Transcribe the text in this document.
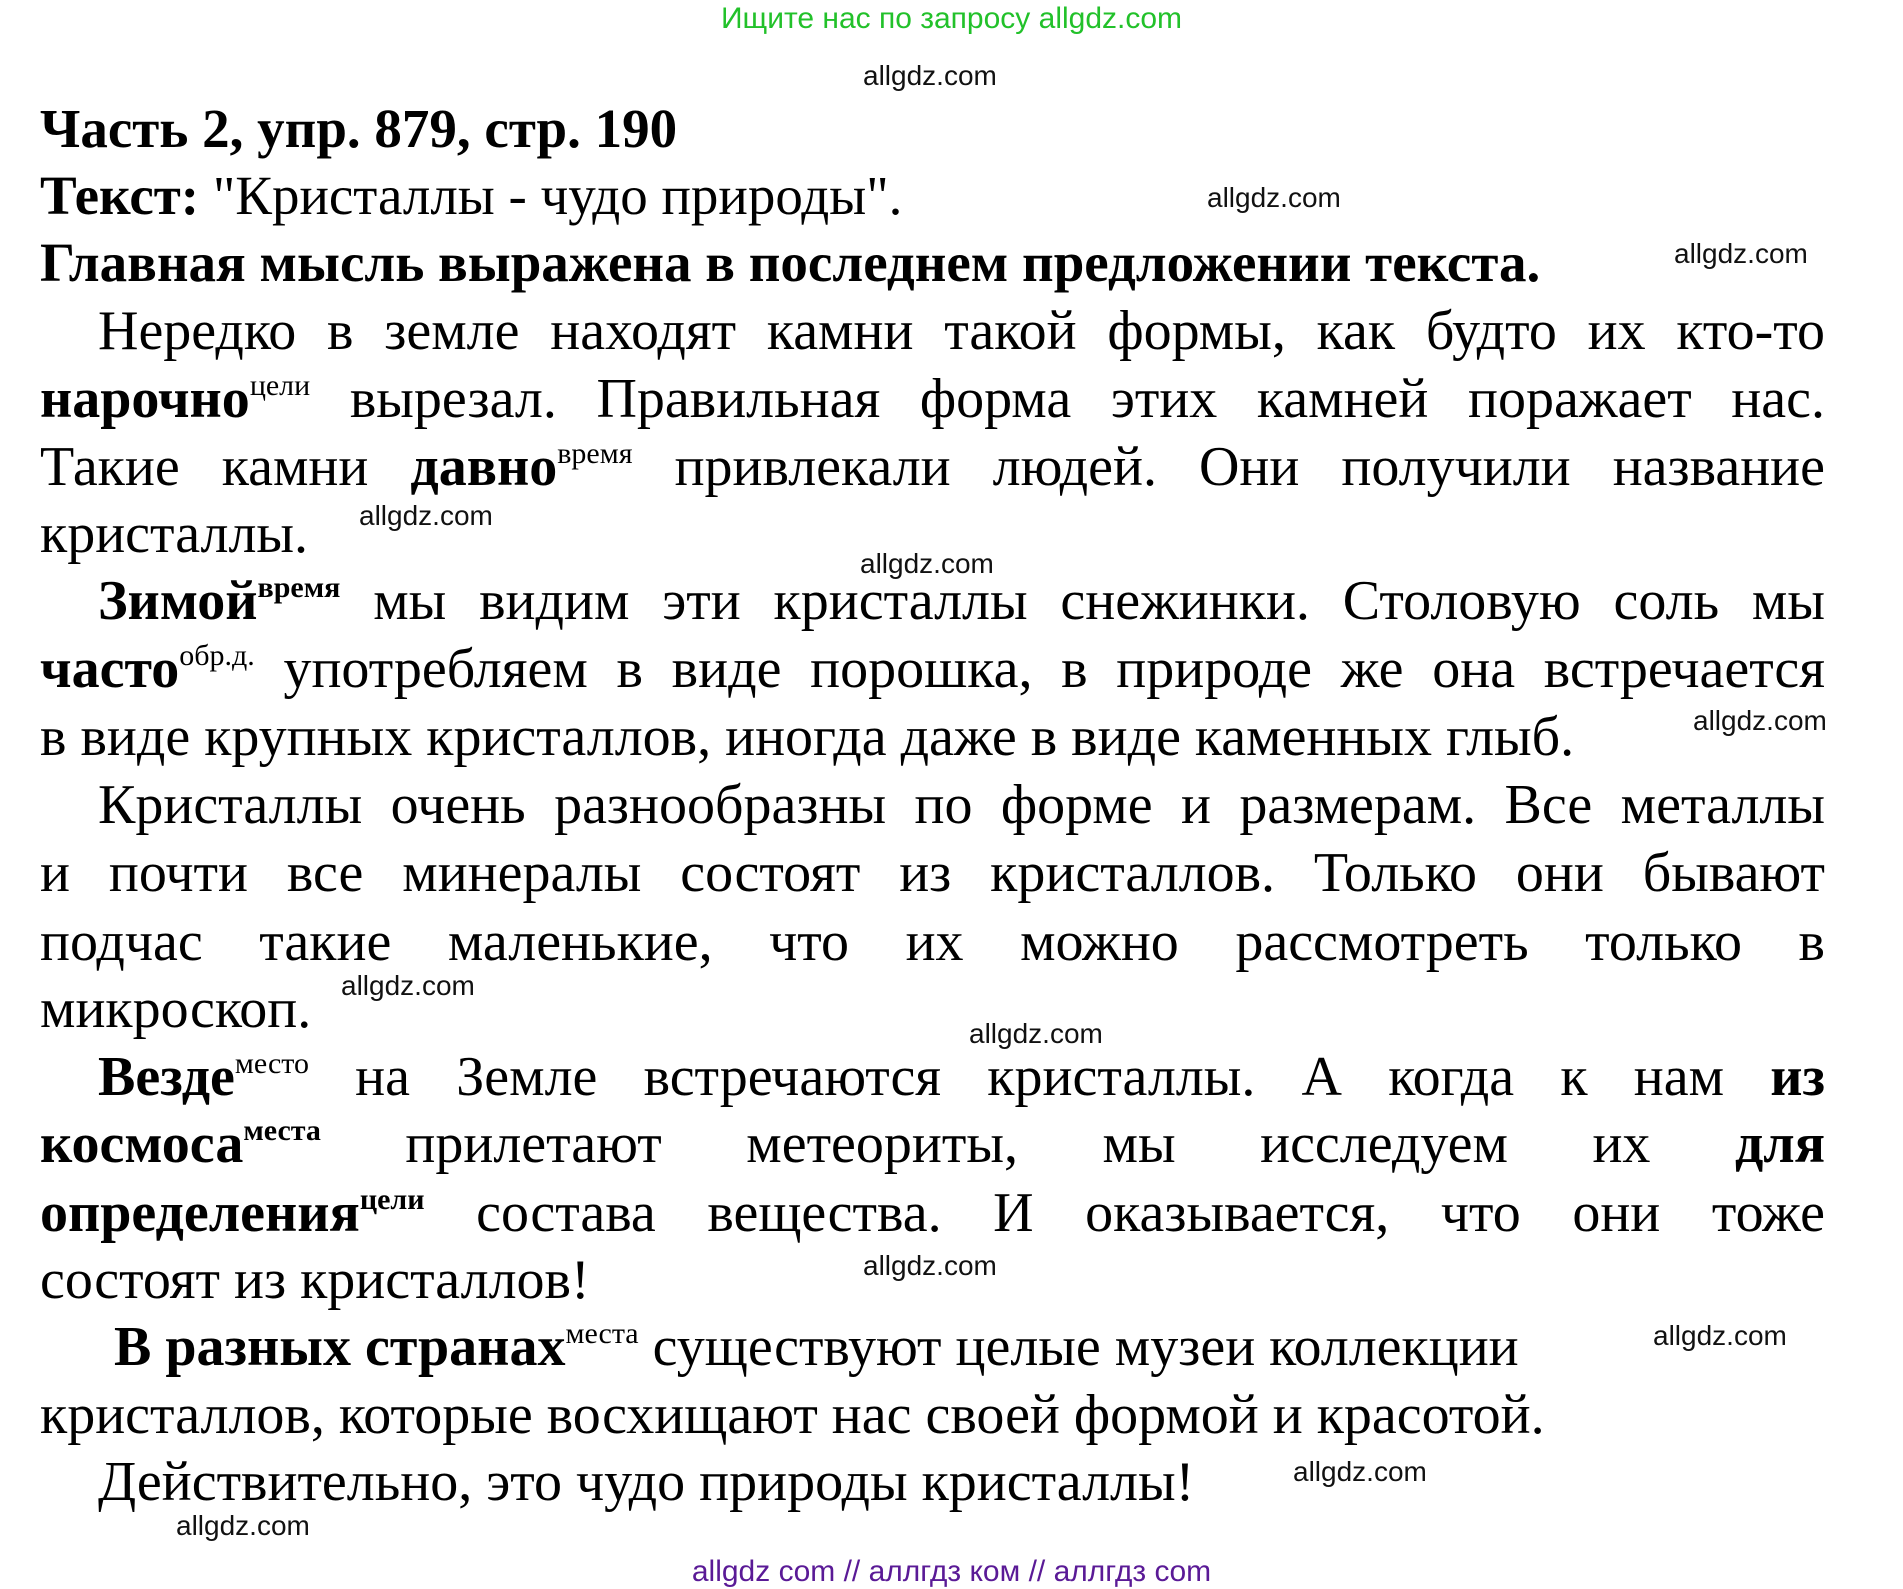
Ищите нас по запросу allgdz.com
Часть 2, упр. 879, стр. 190
Текст: "Кристаллы - чудо природы".
Главная мысль выражена в последнем предложении текста.
Нередко в земле находят камни такой формы, как будто их кто-то
нарочно$^{цели}$ вырезал. Правильная форма этих камней поражает нас.
Такие камни давно$^{время}$ привлекали людей. Они получили название
кристаллы.
Зимой$^{время}$ мы видим эти кристаллы снежинки. Столовую соль мы
часто$^{обр.д.}$ употребляем в виде порошка, в природе же она встречается
в виде крупных кристаллов, иногда даже в виде каменных глыб.
Кристаллы очень разнообразны по форме и размерам. Все металлы
и почти все минералы состоят из кристаллов. Только они бывают
подчас такие маленькие, что их можно рассмотреть только в
микроскоп.
Везде$^{место}$ на Земле встречаются кристаллы. А когда к нам из
космоса$^{места}$ прилетают метеориты, мы исследуем их для
определения$^{цели}$ состава вещества. И оказывается, что они тоже
состоят из кристаллов!
В разных странах$^{места}$ существуют целые музеи коллекции
кристаллов, которые восхищают нас своей формой и красотой.
Действительно, это чудо природы кристаллы!
allgdz.com
allgdz.com
allgdz.com
allgdz.com
allgdz.com
allgdz.com
allgdz.com
allgdz.com
allgdz.com
allgdz.com
allgdz.com
allgdz.com
allgdz com // аллгдз ком // аллгдз com
